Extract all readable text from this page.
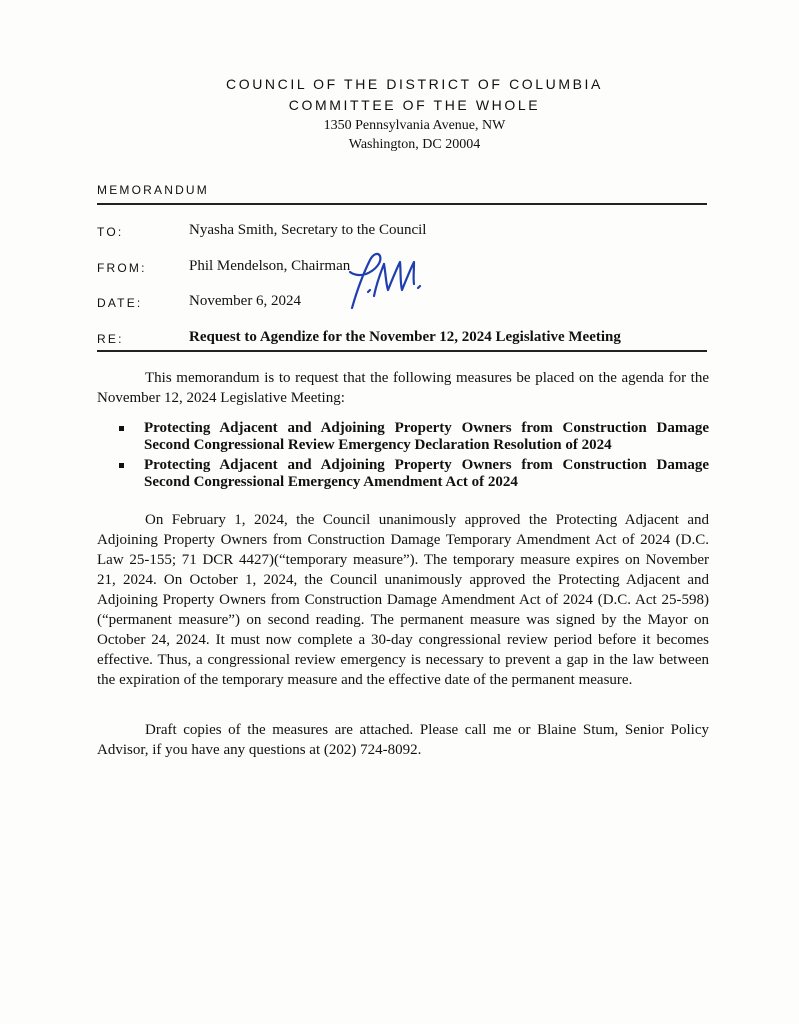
COUNCIL OF THE DISTRICT OF COLUMBIA
COMMITTEE OF THE WHOLE
1350 Pennsylvania Avenue, NW
Washington, DC 20004
MEMORANDUM
TO:	Nyasha Smith, Secretary to the Council
FROM:	Phil Mendelson, Chairman
DATE:	November 6, 2024
RE:	Request to Agendize for the November 12, 2024 Legislative Meeting
This memorandum is to request that the following measures be placed on the agenda for the November 12, 2024 Legislative Meeting:
Protecting Adjacent and Adjoining Property Owners from Construction Damage Second Congressional Review Emergency Declaration Resolution of 2024
Protecting Adjacent and Adjoining Property Owners from Construction Damage Second Congressional Emergency Amendment Act of 2024
On February 1, 2024, the Council unanimously approved the Protecting Adjacent and Adjoining Property Owners from Construction Damage Temporary Amendment Act of 2024 (D.C. Law 25-155; 71 DCR 4427)(“temporary measure”). The temporary measure expires on November 21, 2024. On October 1, 2024, the Council unanimously approved the Protecting Adjacent and Adjoining Property Owners from Construction Damage Amendment Act of 2024 (D.C. Act 25-598)(“permanent measure”) on second reading. The permanent measure was signed by the Mayor on October 24, 2024. It must now complete a 30-day congressional review period before it becomes effective. Thus, a congressional review emergency is necessary to prevent a gap in the law between the expiration of the temporary measure and the effective date of the permanent measure.
Draft copies of the measures are attached. Please call me or Blaine Stum, Senior Policy Advisor, if you have any questions at (202) 724-8092.
